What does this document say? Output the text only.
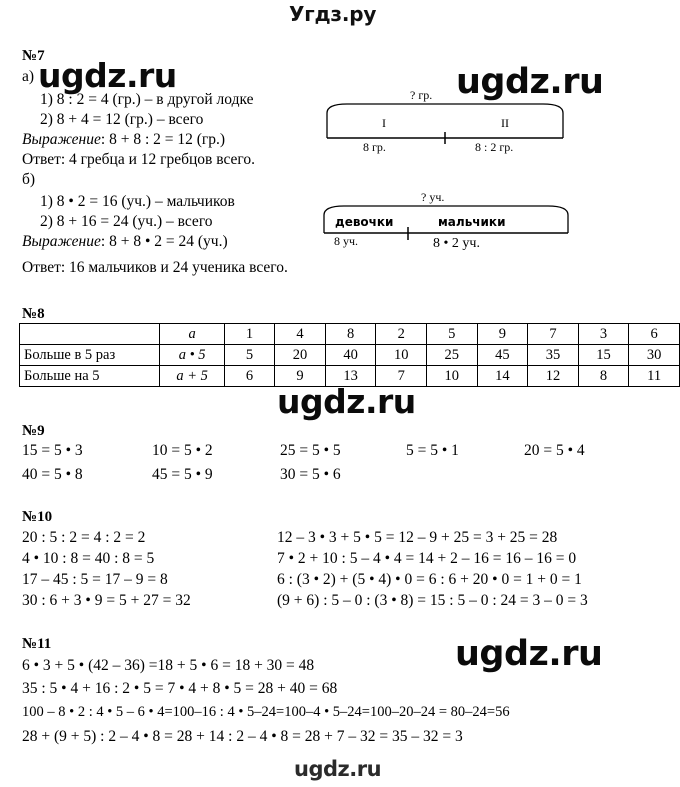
Угдз.ру
№7
а)
1) 8 : 2 = 4 (гр.) – в другой лодке
2) 8 + 4 = 12 (гр.) – всего
Выражение: 8 + 8 : 2 = 12 (гр.)
Ответ: 4 гребца и 12 гребцов всего.
б)
1) 8 • 2 = 16 (уч.) – мальчиков
2) 8 + 16 = 24 (уч.) – всего
Выражение: 8 + 8 • 2 = 24 (уч.)
Ответ: 16 мальчиков и 24 ученика всего.
? гр.
I	II
8 гр.	8 : 2 гр.
? уч.
девочки	мальчики
8 уч.	8 • 2 уч.
№8
	a	1	4	8	2	5	9	7	3	6
Больше в 5 раз	a • 5	5	20	40	10	25	45	35	15	30
Больше на 5	a + 5	6	9	13	7	10	14	12	8	11
№9
15 = 5 • 3	10 = 5 • 2	25 = 5 • 5	5 = 5 • 1	20 = 5 • 4
40 = 5 • 8	45 = 5 • 9	30 = 5 • 6
№10
20 : 5 : 2 = 4 : 2 = 2
4 • 10 : 8 = 40 : 8 = 5
17 – 45 : 5 = 17 – 9 = 8
30 : 6 + 3 • 9 = 5 + 27 = 32
12 – 3 • 3 + 5 • 5 = 12 – 9 + 25 = 3 + 25 = 28
7 • 2 + 10 : 5 – 4 • 4 = 14 + 2 – 16 = 16 – 16 = 0
6 : (3 • 2) + (5 • 4) • 0 = 6 : 6 + 20 • 0 = 1 + 0 = 1
(9 + 6) : 5 – 0 : (3 • 8) = 15 : 5 – 0 : 24 = 3 – 0 = 3
№11
6 • 3 + 5 • (42 – 36) =18 + 5 • 6 = 18 + 30 = 48
35 : 5 • 4 + 16 : 2 • 5 = 7 • 4 + 8 • 5 = 28 + 40 = 68
100 – 8 • 2 : 4 • 5 – 6 • 4=100–16 : 4 • 5–24=100–4 • 5–24=100–20–24 = 80–24=56
28 + (9 + 5) : 2 – 4 • 8 = 28 + 14 : 2 – 4 • 8 = 28 + 7 – 32 = 35 – 32 = 3
ugdz.ru	ugdz.ru
ugdz.ru
ugdz.ru
ugdz.ru
